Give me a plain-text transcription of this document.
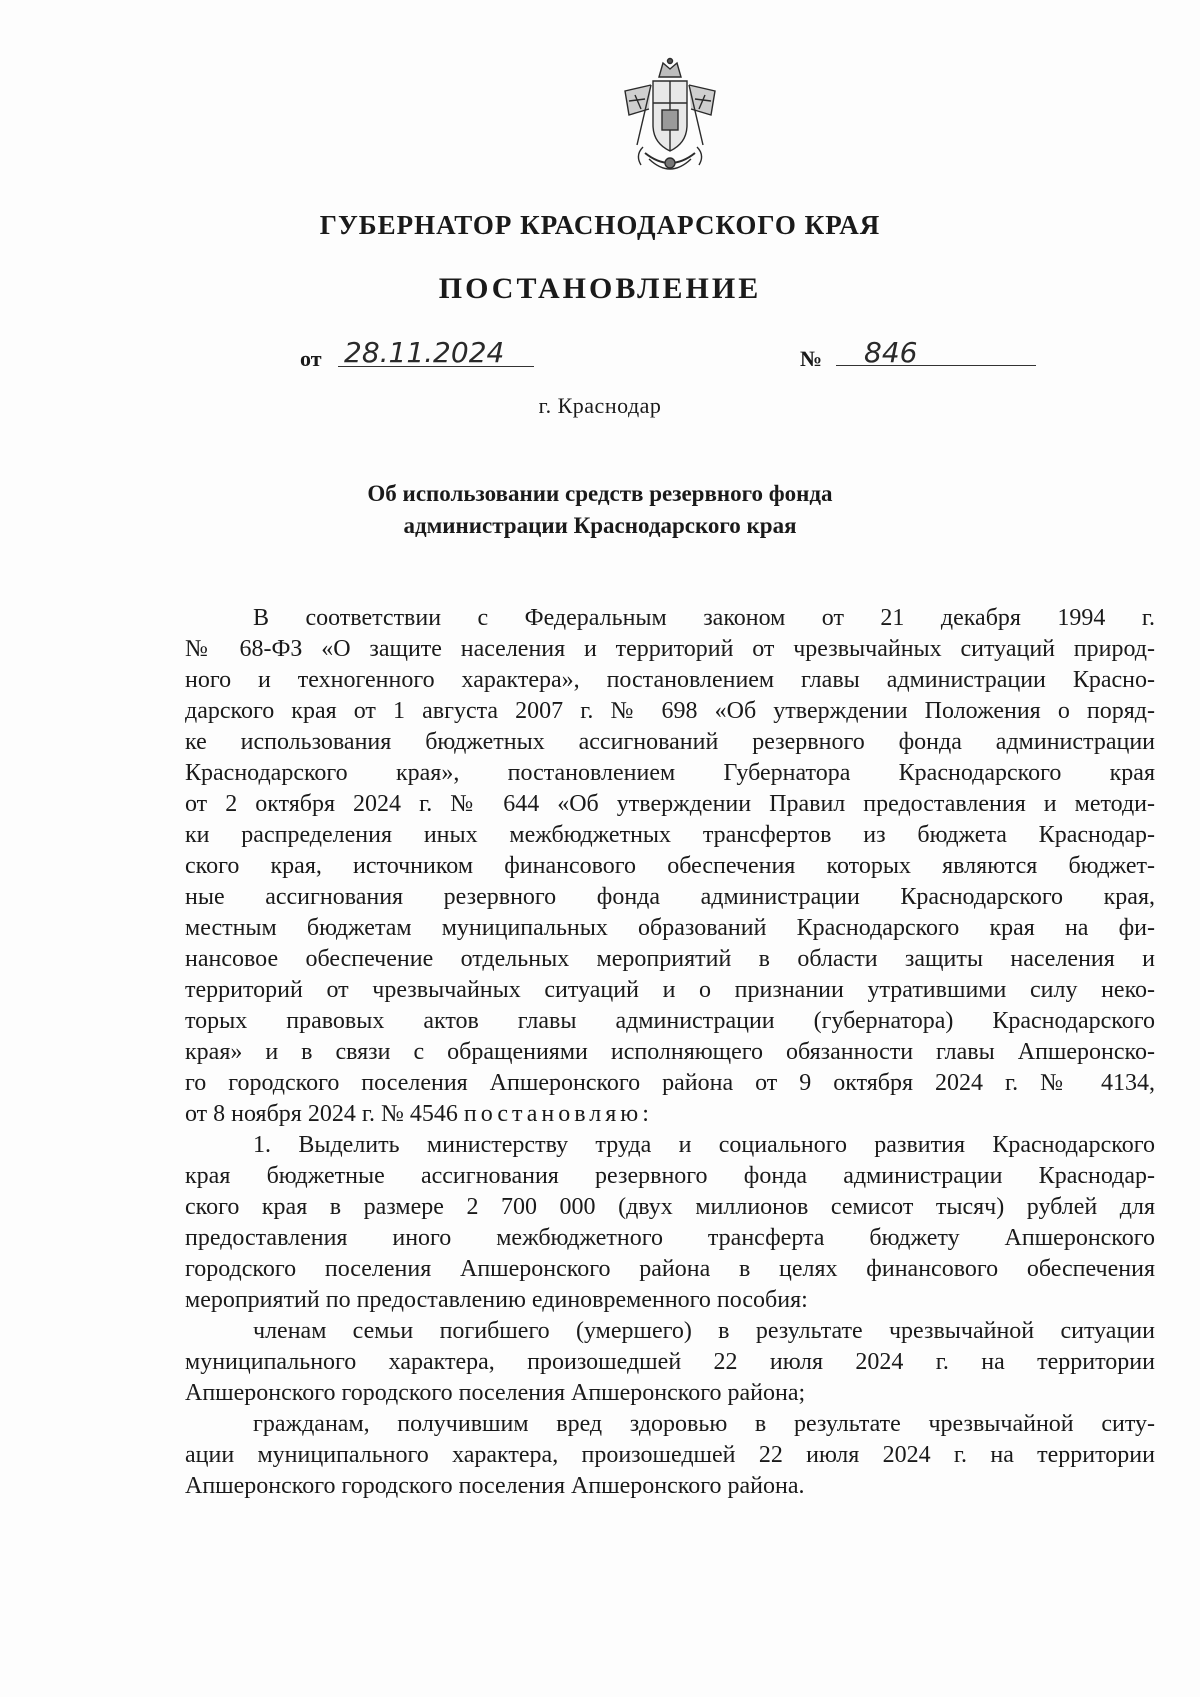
ГУБЕРНАТОР КРАСНОДАРСКОГО КРАЯ
ПОСТАНОВЛЕНИЕ
от 28.11.2024	№	846
г. Краснодар
Об использовании средств резервного фонда
администрации Краснодарского края
В соответствии с Федеральным законом от 21 декабря 1994 г.
№ 68-ФЗ «О защите населения и территорий от чрезвычайных ситуаций природ-
ного и техногенного характера», постановлением главы администрации Красно-
дарского края от 1 августа 2007 г. № 698 «Об утверждении Положения о поряд-
ке использования бюджетных ассигнований резервного фонда администрации
Краснодарского края», постановлением Губернатора Краснодарского края
от 2 октября 2024 г. № 644 «Об утверждении Правил предоставления и методи-
ки распределения иных межбюджетных трансфертов из бюджета Краснодар-
ского края, источником финансового обеспечения которых являются бюджет-
ные ассигнования резервного фонда администрации Краснодарского края,
местным бюджетам муниципальных образований Краснодарского края на фи-
нансовое обеспечение отдельных мероприятий в области защиты населения и
территорий от чрезвычайных ситуаций и о признании утратившими силу неко-
торых правовых актов главы администрации (губернатора) Краснодарского
края» и в связи с обращениями исполняющего обязанности главы Апшеронско-
го городского поселения Апшеронского района от 9 октября 2024 г. № 4134,
от 8 ноября 2024 г. № 4546 постановляю:
1. Выделить министерству труда и социального развития Краснодарского
края бюджетные ассигнования резервного фонда администрации Краснодар-
ского края в размере 2 700 000 (двух миллионов семисот тысяч) рублей для
предоставления иного межбюджетного трансферта бюджету Апшеронского
городского поселения Апшеронского района в целях финансового обеспечения
мероприятий по предоставлению единовременного пособия:
членам семьи погибшего (умершего) в результате чрезвычайной ситуации
муниципального характера, произошедшей 22 июля 2024 г. на территории
Апшеронского городского поселения Апшеронского района;
гражданам, получившим вред здоровью в результате чрезвычайной ситу-
ации муниципального характера, произошедшей 22 июля 2024 г. на территории
Апшеронского городского поселения Апшеронского района.
